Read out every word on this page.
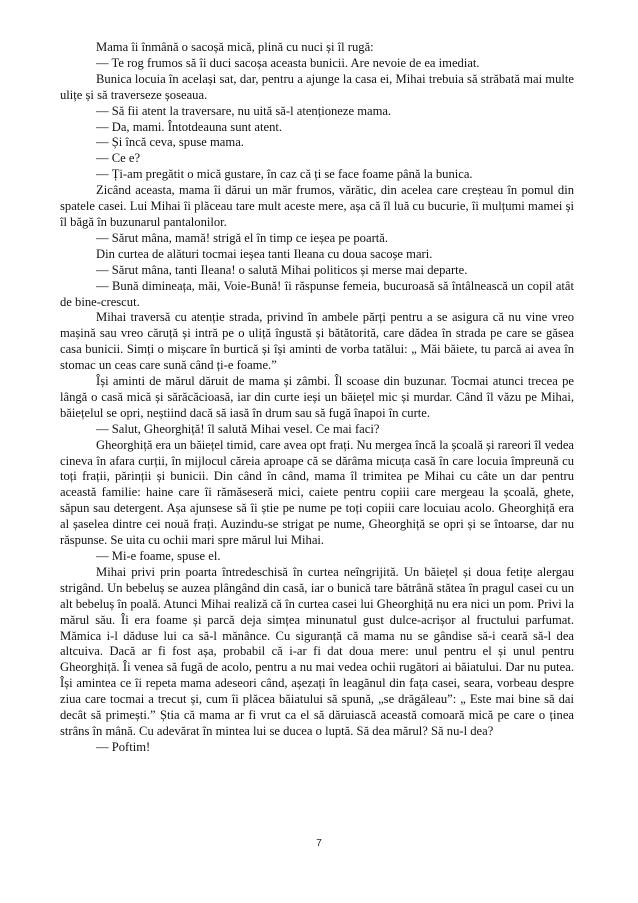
Mama îi înmână o sacoșă mică, plină cu nuci și îl rugă:

— Te rog frumos să îi duci sacoșa aceasta bunicii. Are nevoie de ea imediat.

Bunica locuia în același sat, dar, pentru a ajunge la casa ei, Mihai trebuia să străbată mai multe ulițe și să traverseze șoseaua.

— Să fii atent la traversare, nu uită să-l atenționeze mama.

— Da, mami. Întotdeauna sunt atent.

— Și încă ceva, spuse mama.

— Ce e?

— Ți-am pregătit o mică gustare, în caz că ți se face foame până la bunica.

Zicând aceasta, mama îi dărui un măr frumos, vărătic, din acelea care creșteau în pomul din spatele casei. Lui Mihai îi plăceau tare mult aceste mere, așa că îl luă cu bucurie, îi mulțumi mamei și îl băgă în buzunarul pantalonilor.

— Sărut mâna, mamă! strigă el în timp ce ieșea pe poartă.

Din curtea de alături tocmai ieșea tanti Ileana cu doua sacoșe mari.

— Sărut mâna, tanti Ileana! o salută Mihai politicos și merse mai departe.

— Bună dimineața, măi, Voie-Bună! îi răspunse femeia, bucuroasă să întâlnească un copil atât de bine-crescut.

Mihai traversă cu atenție strada, privind în ambele părți pentru a se asigura că nu vine vreo mașină sau vreo căruță și intră pe o uliță îngustă și bătătorită, care dădea în strada pe care se găsea casa bunicii. Simți o mișcare în burtică și își aminti de vorba tatălui: „ Măi băiete, tu parcă ai avea în stomac un ceas care sună când ți-e foame.”

Își aminti de mărul dăruit de mama și zâmbi. Îl scoase din buzunar. Tocmai atunci trecea pe lângă o casă mică și sărăcăcioasă, iar din curte ieși un băiețel mic și murdar. Când îl văzu pe Mihai, băiețelul se opri, neștiind dacă să iasă în drum sau să fugă înapoi în curte.

— Salut, Gheorghiță! îl salută Mihai vesel. Ce mai faci?

Gheorghiță era un băiețel timid, care avea opt frați. Nu mergea încă la școală și rareori îl vedea cineva în afara curții, în mijlocul căreia aproape că se dărâma micuța casă în care locuia împreună cu toți frații, părinții și bunicii. Din când în când, mama îl trimitea pe Mihai cu câte un dar pentru această familie: haine care îi rămăseseră mici, caiete pentru copiii care mergeau la școală, ghete, săpun sau detergent. Așa ajunsese să îi știe pe nume pe toți copiii care locuiau acolo. Gheorghiță era al șaselea dintre cei nouă frați. Auzindu-se strigat pe nume, Gheorghiță se opri și se întoarse, dar nu răspunse. Se uita cu ochii mari spre mărul lui Mihai.

— Mi-e foame, spuse el.

Mihai privi prin poarta întredeschisă în curtea neîngrijită. Un băiețel și doua fetițe alergau strigând. Un bebeluș se auzea plângând din casă, iar o bunică tare bătrână stătea în pragul casei cu un alt bebeluș în poală. Atunci Mihai realiză că în curtea casei lui Gheorghiță nu era nici un pom. Privi la mărul său. Îi era foame și parcă deja simțea minunatul gust dulce-acrișor al fructului parfumat. Mămica i-l dăduse lui ca să-l mănânce. Cu siguranță că mama nu se gândise să-i ceară să-l dea altcuiva. Dacă ar fi fost așa, probabil că i-ar fi dat doua mere: unul pentru el și unul pentru Gheorghiță. Îi venea să fugă de acolo, pentru a nu mai vedea ochii rugători ai băiatului. Dar nu putea. Își amintea ce îi repeta mama adeseori când, așezați în leagănul din fața casei, seara, vorbeau despre ziua care tocmai a trecut și, cum îi plăcea băiatului să spună, „se drăgăleau”: „ Este mai bine să dai decât să primești.” Știa că mama ar fi vrut ca el să dăruiască această comoară mică pe care o ținea strâns în mână. Cu adevărat în mintea lui se ducea o luptă. Să dea mărul? Să nu-l dea?

— Poftim!

7
